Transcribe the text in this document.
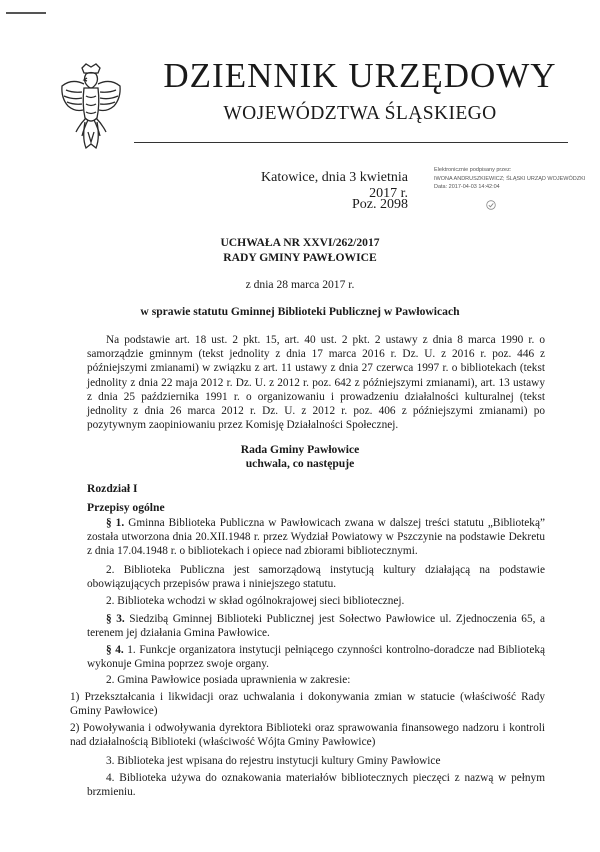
DZIENNIK URZĘDOWY
WOJEWÓDZTWA ŚLĄSKIEGO
Katowice, dnia 3 kwietnia 2017 r.
Poz. 2098
Elektronicznie podpisany przez:
IWONA ANDRUSZKIEWICZ; ŚLĄSKI URZĄD WOJEWÓDZKI
Data: 2017-04-03 14:42:04
UCHWAŁA NR XXVI/262/2017
RADY GMINY PAWŁOWICE
z dnia 28 marca 2017 r.
w sprawie statutu Gminnej Biblioteki Publicznej w Pawłowicach

Na podstawie art. 18 ust. 2 pkt. 15, art. 40 ust. 2 pkt. 2 ustawy z dnia 8 marca 1990 r. o samorządzie gminnym (tekst jednolity z dnia 17 marca 2016 r. Dz. U. z 2016 r. poz. 446 z późniejszymi zmianami) w związku z art. 11 ustawy z dnia 27 czerwca 1997 r. o bibliotekach (tekst jednolity z dnia 22 maja 2012 r. Dz. U. z 2012 r. poz. 642 z późniejszymi zmianami), art. 13 ustawy z dnia 25 października 1991 r. o organizowaniu i prowadzeniu działalności kulturalnej (tekst jednolity z dnia 26 marca 2012 r. Dz. U. z 2012 r. poz. 406 z późniejszymi zmianami) po pozytywnym zaopiniowaniu przez Komisję Działalności Społecznej.

Rada Gminy Pawłowice
uchwala, co następuje
Rozdział I
Przepisy ogólne

§ 1. Gminna Biblioteka Publiczna w Pawłowicach zwana w dalszej treści statutu „Biblioteką” została utworzona dnia 20.XII.1948 r. przez Wydział Powiatowy w Pszczynie na podstawie Dekretu z dnia 17.04.1948 r. o bibliotekach i opiece nad zbiorami bibliotecznymi.

2. Biblioteka Publiczna jest samorządową instytucją kultury działającą na podstawie obowiązujących przepisów prawa i niniejszego statutu.

2. Biblioteka wchodzi w skład ogólnokrajowej sieci bibliotecznej.

§ 3. Siedzibą Gminnej Biblioteki Publicznej jest Sołectwo Pawłowice ul. Zjednoczenia 65, a terenem jej działania Gmina Pawłowice.

§ 4. 1. Funkcje organizatora instytucji pełniącego czynności kontrolno-doradcze nad Biblioteką wykonuje Gmina poprzez swoje organy.

2. Gmina Pawłowice posiada uprawnienia w zakresie:

1) Przekształcania i likwidacji oraz uchwalania i dokonywania zmian w statucie (właściwość Rady Gminy Pawłowice)

2) Powoływania i odwoływania dyrektora Biblioteki oraz sprawowania finansowego nadzoru i kontroli nad działalnością Biblioteki (właściwość Wójta Gminy Pawłowice)

3. Biblioteka jest wpisana do rejestru instytucji kultury Gminy Pawłowice

4. Biblioteka używa do oznakowania materiałów bibliotecznych pieczęci z nazwą w pełnym brzmieniu.
